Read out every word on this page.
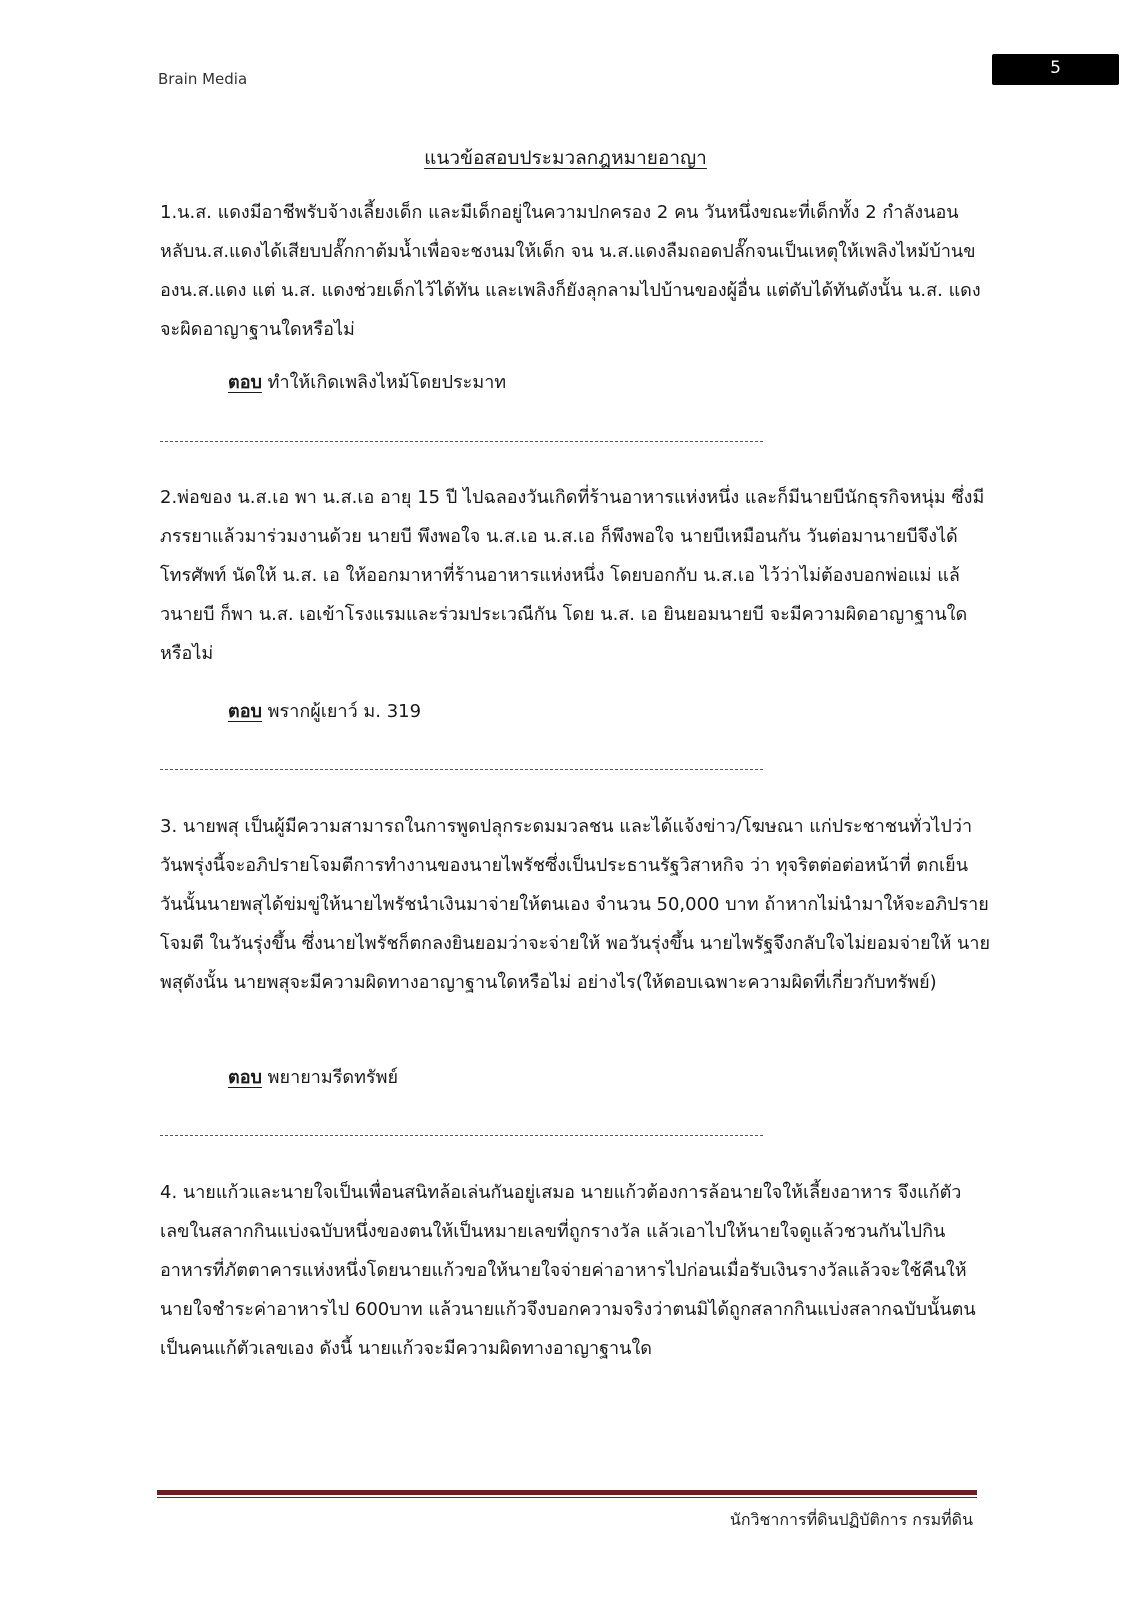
Brain Media
5
แนวข้อสอบประมวลกฎหมายอาญา

1.น.ส. แดงมีอาชีพรับจ้างเลี้ยงเด็ก และมีเด็กอยู่ในความปกครอง 2 คน วันหนึ่งขณะที่เด็กทั้ง 2 กำลังนอนหลับน.ส.แดงได้เสียบปลั๊กกาต้มน้ำเพื่อจะชงนมให้เด็ก จน น.ส.แดงลืมถอดปลั๊กจนเป็นเหตุให้เพลิงไหม้บ้านของน.ส.แดง แต่ น.ส. แดงช่วยเด็กไว้ได้ทัน และเพลิงก็ยังลุกลามไปบ้านของผู้อื่น แต่ดับได้ทันดังนั้น น.ส. แดงจะผิดอาญาฐานใดหรือไม่

ตอบ ทำให้เกิดเพลิงไหม้โดยประมาท

2.พ่อของ น.ส.เอ พา น.ส.เอ อายุ 15 ปี ไปฉลองวันเกิดที่ร้านอาหารแห่งหนึ่ง และก็มีนายบีนักธุรกิจหนุ่ม ซึ่งมีภรรยาแล้วมาร่วมงานด้วย นายบี พึงพอใจ น.ส.เอ น.ส.เอ ก็พึงพอใจ นายบีเหมือนกัน วันต่อมานายบีจึงได้โทรศัพท์ นัดให้ น.ส. เอ ให้ออกมาหาที่ร้านอาหารแห่งหนึ่ง โดยบอกกับ น.ส.เอ ไว้ว่าไม่ต้องบอกพ่อแม่ แล้วนายบี ก็พา น.ส. เอเข้าโรงแรมและร่วมประเวณีกัน โดย น.ส. เอ ยินยอมนายบี จะมีความผิดอาญาฐานใดหรือไม่

ตอบ พรากผู้เยาว์ ม. 319

3. นายพสุ เป็นผู้มีความสามารถในการพูดปลุกระดมมวลชน และได้แจ้งข่าว/โฆษณา แก่ประชาชนทั่วไปว่าวันพรุ่งนี้จะอภิปรายโจมตีการทำงานของนายไพรัชซึ่งเป็นประธานรัฐวิสาหกิจ ว่า ทุจริตต่อต่อหน้าที่ ตกเย็นวันนั้นนายพสุได้ข่มขู่ให้นายไพรัชนำเงินมาจ่ายให้ตนเอง จำนวน 50,000 บาท ถ้าหากไม่นำมาให้จะอภิปรายโจมตี ในวันรุ่งขึ้น ซึ่งนายไพรัชก็ตกลงยินยอมว่าจะจ่ายให้ พอวันรุ่งขึ้น นายไพรัฐจึงกลับใจไม่ยอมจ่ายให้ นายพสุดังนั้น นายพสุจะมีความผิดทางอาญาฐานใดหรือไม่ อย่างไร(ให้ตอบเฉพาะความผิดที่เกี่ยวกับทรัพย์)

ตอบ พยายามรีดทรัพย์

4. นายแก้วและนายใจเป็นเพื่อนสนิทล้อเล่นกันอยู่เสมอ นายแก้วต้องการล้อนายใจให้เลี้ยงอาหาร จึงแก้ตัวเลขในสลากกินแบ่งฉบับหนึ่งของตนให้เป็นหมายเลขที่ถูกรางวัล แล้วเอาไปให้นายใจดูแล้วชวนกันไปกินอาหารที่ภัตตาคารแห่งหนึ่งโดยนายแก้วขอให้นายใจจ่ายค่าอาหารไปก่อนเมื่อรับเงินรางวัลแล้วจะใช้คืนให้นายใจชำระค่าอาหารไป 600บาท แล้วนายแก้วจึงบอกความจริงว่าตนมิได้ถูกสลากกินแบ่งสลากฉบับนั้นตนเป็นคนแก้ตัวเลขเอง ดังนี้ นายแก้วจะมีความผิดทางอาญาฐานใด

นักวิชาการที่ดินปฏิบัติการ กรมที่ดิน
